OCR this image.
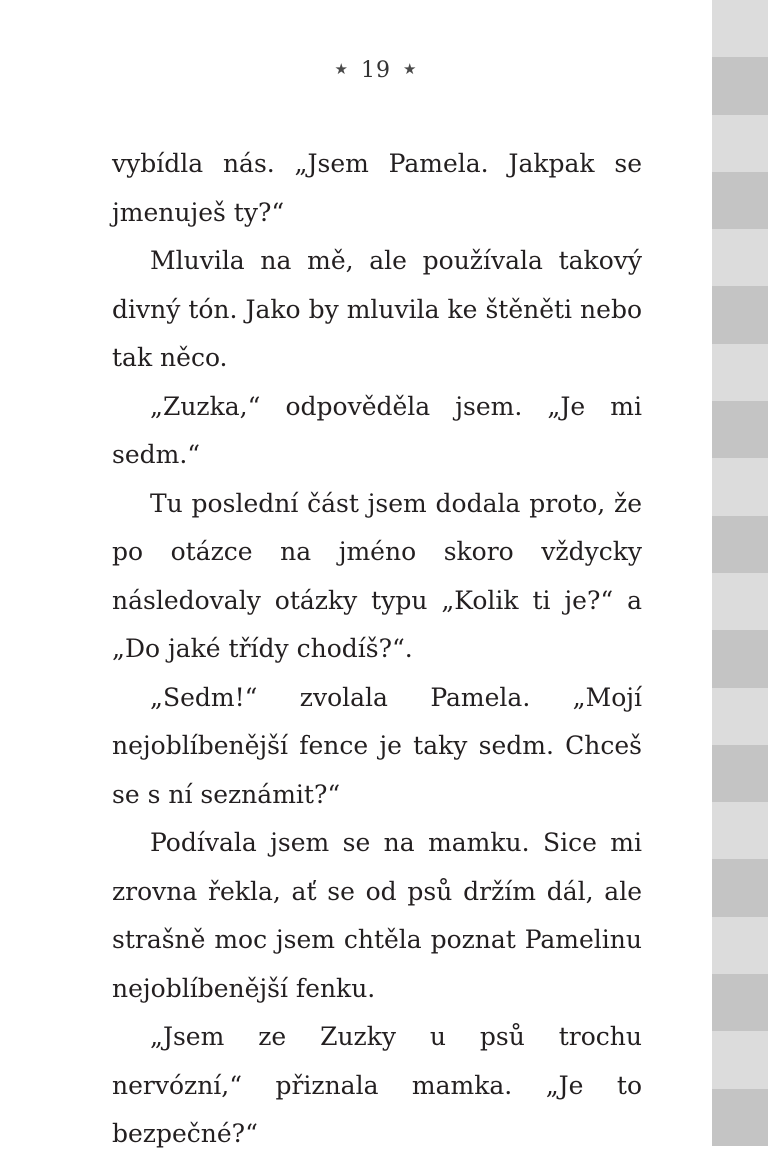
★ 19 ★

vybídla nás. „Jsem Pamela. Jakpak se jmenuješ ty?“

Mluvila na mě, ale používala takový divný tón. Jako by mluvila ke štěněti nebo tak něco.

„Zuzka,“ odpověděla jsem. „Je mi sedm.“

Tu poslední část jsem dodala proto, že po otázce na jméno skoro vždycky následovaly otázky typu „Kolik ti je?“ a „Do jaké třídy chodíš?“.

„Sedm!“ zvolala Pamela. „Mojí nejoblíbenější fence je taky sedm. Chceš se s ní seznámit?“

Podívala jsem se na mamku. Sice mi zrovna řekla, ať se od psů držím dál, ale strašně moc jsem chtěla poznat Pamelinu nejoblíbenější fenku.

„Jsem ze Zuzky u psů trochu nervózní,“ přiznala mamka. „Je to bezpečné?“
